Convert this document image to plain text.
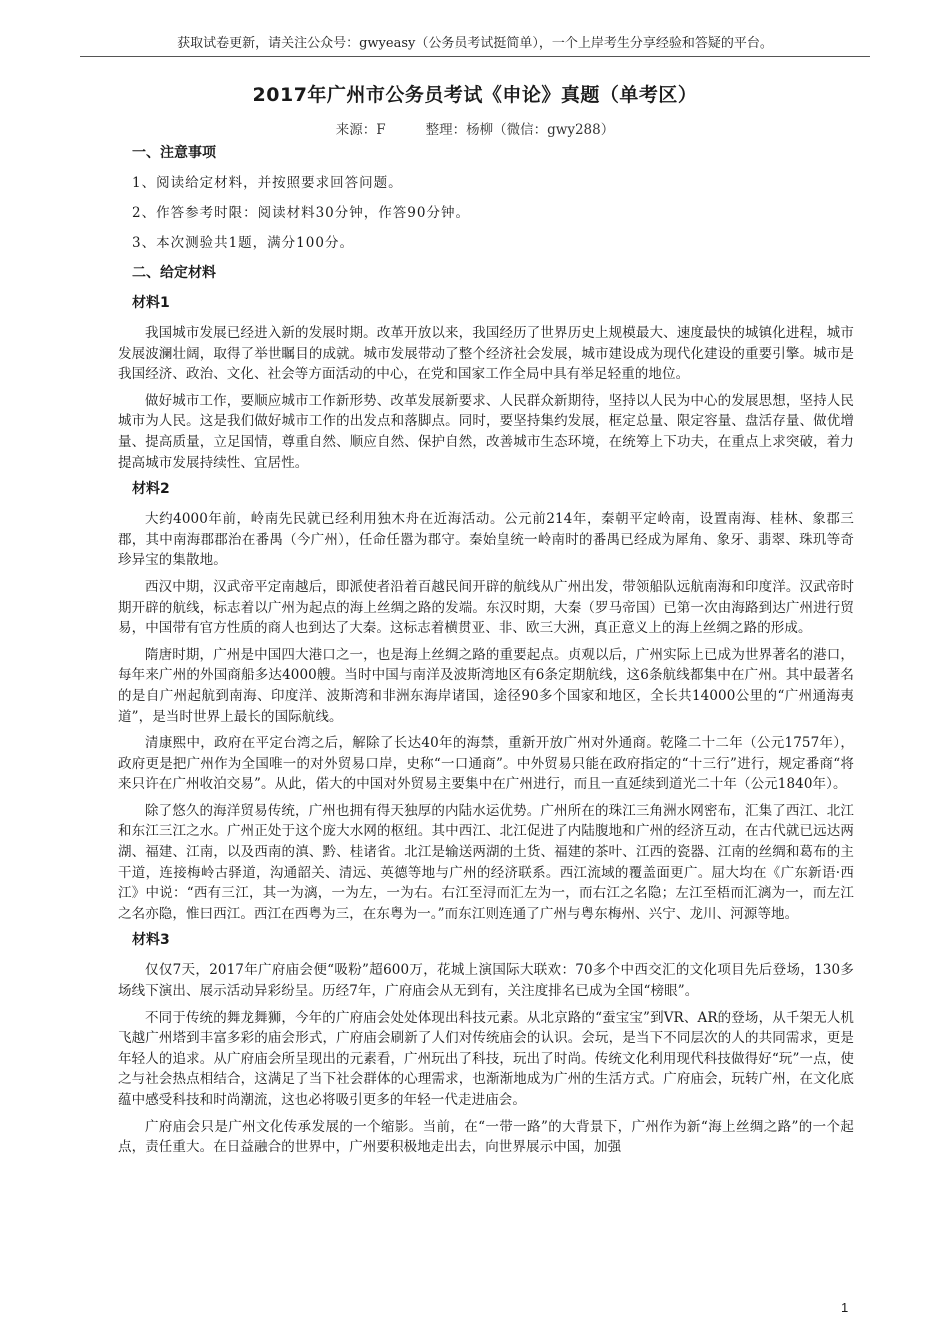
获取试卷更新，请关注公众号：gwyeasy（公务员考试挺简单），一个上岸考生分享经验和答疑的平台。
2017年广州市公务员考试《申论》真题（单考区）
来源：F	整理：杨柳（微信：gwy288）
一、注意事项
1、阅读给定材料，并按照要求回答问题。
2、作答参考时限：阅读材料30分钟，作答90分钟。
3、本次测验共1题，满分100分。
二、给定材料
材料1

我国城市发展已经进入新的发展时期。改革开放以来，我国经历了世界历史上规模最大、速度最快的城镇化进程，城市发展波澜壮阔，取得了举世瞩目的成就。城市发展带动了整个经济社会发展，城市建设成为现代化建设的重要引擎。城市是我国经济、政治、文化、社会等方面活动的中心，在党和国家工作全局中具有举足轻重的地位。

做好城市工作，要顺应城市工作新形势、改革发展新要求、人民群众新期待，坚持以人民为中心的发展思想，坚持人民城市为人民。这是我们做好城市工作的出发点和落脚点。同时，要坚持集约发展，框定总量、限定容量、盘活存量、做优增量、提高质量，立足国情，尊重自然、顺应自然、保护自然，改善城市生态环境，在统筹上下功夫，在重点上求突破，着力提高城市发展持续性、宜居性。

材料2

大约4000年前，岭南先民就已经利用独木舟在近海活动。公元前214年，秦朝平定岭南，设置南海、桂林、象郡三郡，其中南海郡郡治在番禺（今广州），任命任嚣为郡守。秦始皇统一岭南时的番禺已经成为犀角、象牙、翡翠、珠玑等奇珍异宝的集散地。

西汉中期，汉武帝平定南越后，即派使者沿着百越民间开辟的航线从广州出发，带领船队远航南海和印度洋。汉武帝时期开辟的航线，标志着以广州为起点的海上丝绸之路的发端。东汉时期，大秦（罗马帝国）已第一次由海路到达广州进行贸易，中国带有官方性质的商人也到达了大秦。这标志着横贯亚、非、欧三大洲，真正意义上的海上丝绸之路的形成。

隋唐时期，广州是中国四大港口之一，也是海上丝绸之路的重要起点。贞观以后，广州实际上已成为世界著名的港口，每年来广州的外国商船多达4000艘。当时中国与南洋及波斯湾地区有6条定期航线，这6条航线都集中在广州。其中最著名的是自广州起航到南海、印度洋、波斯湾和非洲东海岸诸国，途径90多个国家和地区，全长共14000公里的“广州通海夷道”，是当时世界上最长的国际航线。

清康熙中，政府在平定台湾之后，解除了长达40年的海禁，重新开放广州对外通商。乾隆二十二年（公元1757年），政府更是把广州作为全国唯一的对外贸易口岸，史称“一口通商”。中外贸易只能在政府指定的“十三行”进行，规定番商“将来只许在广州收泊交易”。从此，偌大的中国对外贸易主要集中在广州进行，而且一直延续到道光二十年（公元1840年）。

除了悠久的海洋贸易传统，广州也拥有得天独厚的内陆水运优势。广州所在的珠江三角洲水网密布，汇集了西江、北江和东江三江之水。广州正处于这个庞大水网的枢纽。其中西江、北江促进了内陆腹地和广州的经济互动，在古代就已远达两湖、福建、江南，以及西南的滇、黔、桂诸省。北江是输送两湖的土货、福建的茶叶、江西的瓷器、江南的丝绸和葛布的主干道，连接梅岭古驿道，沟通韶关、清远、英德等地与广州的经济联系。西江流域的覆盖面更广。屈大均在《广东新语·西江》中说：“西有三江，其一为漓，一为左，一为右。右江至浔而汇左为一，而右江之名隐；左江至梧而汇漓为一，而左江之名亦隐，惟曰西江。西江在西粤为三，在东粤为一。”而东江则连通了广州与粤东梅州、兴宁、龙川、河源等地。

材料3

仅仅7天，2017年广府庙会便“吸粉”超600万，花城上演国际大联欢：70多个中西交汇的文化项目先后登场，130多场线下演出、展示活动异彩纷呈。历经7年，广府庙会从无到有，关注度排名已成为全国“榜眼”。

不同于传统的舞龙舞狮，今年的广府庙会处处体现出科技元素。从北京路的“蚕宝宝”到VR、AR的登场，从千架无人机飞越广州塔到丰富多彩的庙会形式，广府庙会刷新了人们对传统庙会的认识。会玩，是当下不同层次的人的共同需求，更是年轻人的追求。从广府庙会所呈现出的元素看，广州玩出了科技，玩出了时尚。传统文化利用现代科技做得好“玩”一点，使之与社会热点相结合，这满足了当下社会群体的心理需求，也渐渐地成为广州的生活方式。广府庙会，玩转广州，在文化底蕴中感受科技和时尚潮流，这也必将吸引更多的年轻一代走进庙会。

广府庙会只是广州文化传承发展的一个缩影。当前，在“一带一路”的大背景下，广州作为新“海上丝绸之路”的一个起点，责任重大。在日益融合的世界中，广州要积极地走出去，向世界展示中国，加强

1
